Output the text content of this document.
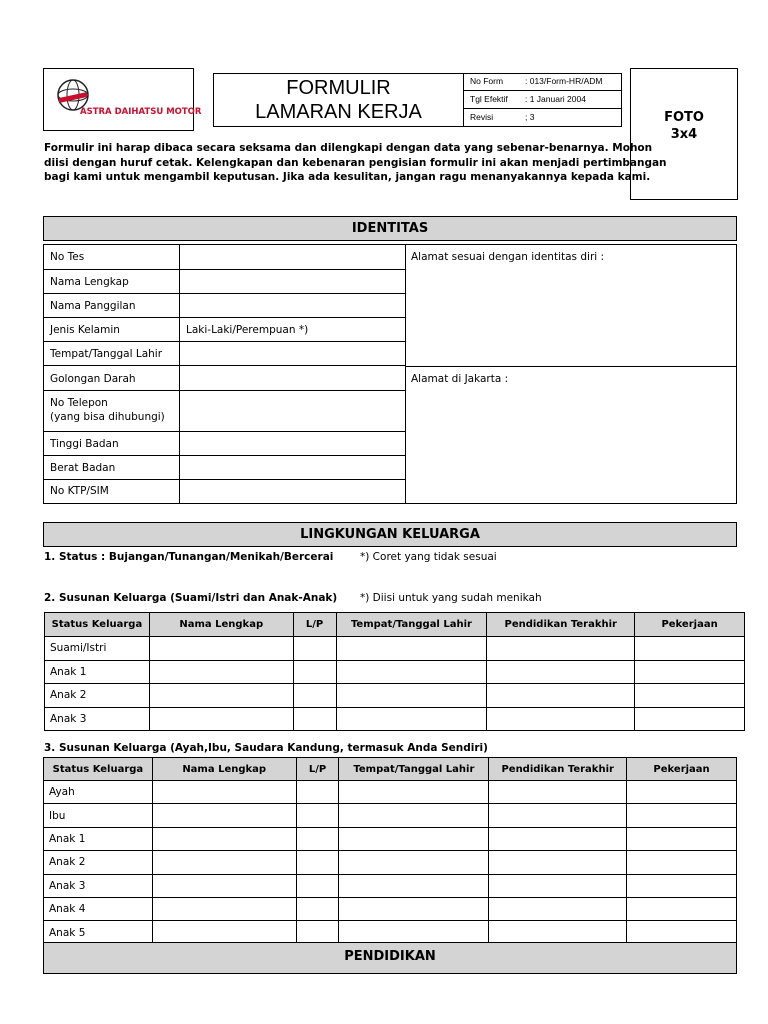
ASTRA DAIHATSU MOTOR
FORMULIR
LAMARAN KERJA
No Form	: 013/Form-HR/ADM
Tgl Efektif : 1 Januari 2004
Revisi	; 3	FOTO
3x4
Formulir ini harap dibaca secara seksama dan dilengkapi dengan data yang sebenar-benarnya. Mohon
diisi dengan huruf cetak. Kelengkapan dan kebenaran pengisian formulir ini akan menjadi pertimbangan
bagi kami untuk mengambil keputusan. Jika ada kesulitan, jangan ragu menanyakannya kepada kami.
IDENTITAS
No Tes
Nama Lengkap
Nama Panggilan
Jenis Kelamin	Laki-Laki/Perempuan *)
Tempat/Tanggal Lahir
Golongan Darah
No Telepon
(yang bisa dihubungi)
Tinggi Badan
Berat Badan
No KTP/SIM
Alamat sesuai dengan identitas diri :
Alamat di Jakarta :
LINGKUNGAN KELUARGA
1. Status : Bujangan/Tunangan/Menikah/Bercerai	*) Coret yang tidak sesuai
2. Susunan Keluarga (Suami/Istri dan Anak-Anak) *) Diisi untuk yang sudah menikah
Status Keluarga	Nama Lengkap	L/P	Tempat/Tanggal Lahir	Pendidikan Terakhir	Pekerjaan
Suami/Istri					
Anak 1					
Anak 2					
Anak 3					
3. Susunan Keluarga (Ayah,Ibu, Saudara Kandung, termasuk Anda Sendiri)
Status Keluarga	Nama Lengkap	L/P	Tempat/Tanggal Lahir	Pendidikan Terakhir	Pekerjaan
Ayah					
Ibu					
Anak 1					
Anak 2					
Anak 3					
Anak 4					
Anak 5					
PENDIDIKAN
